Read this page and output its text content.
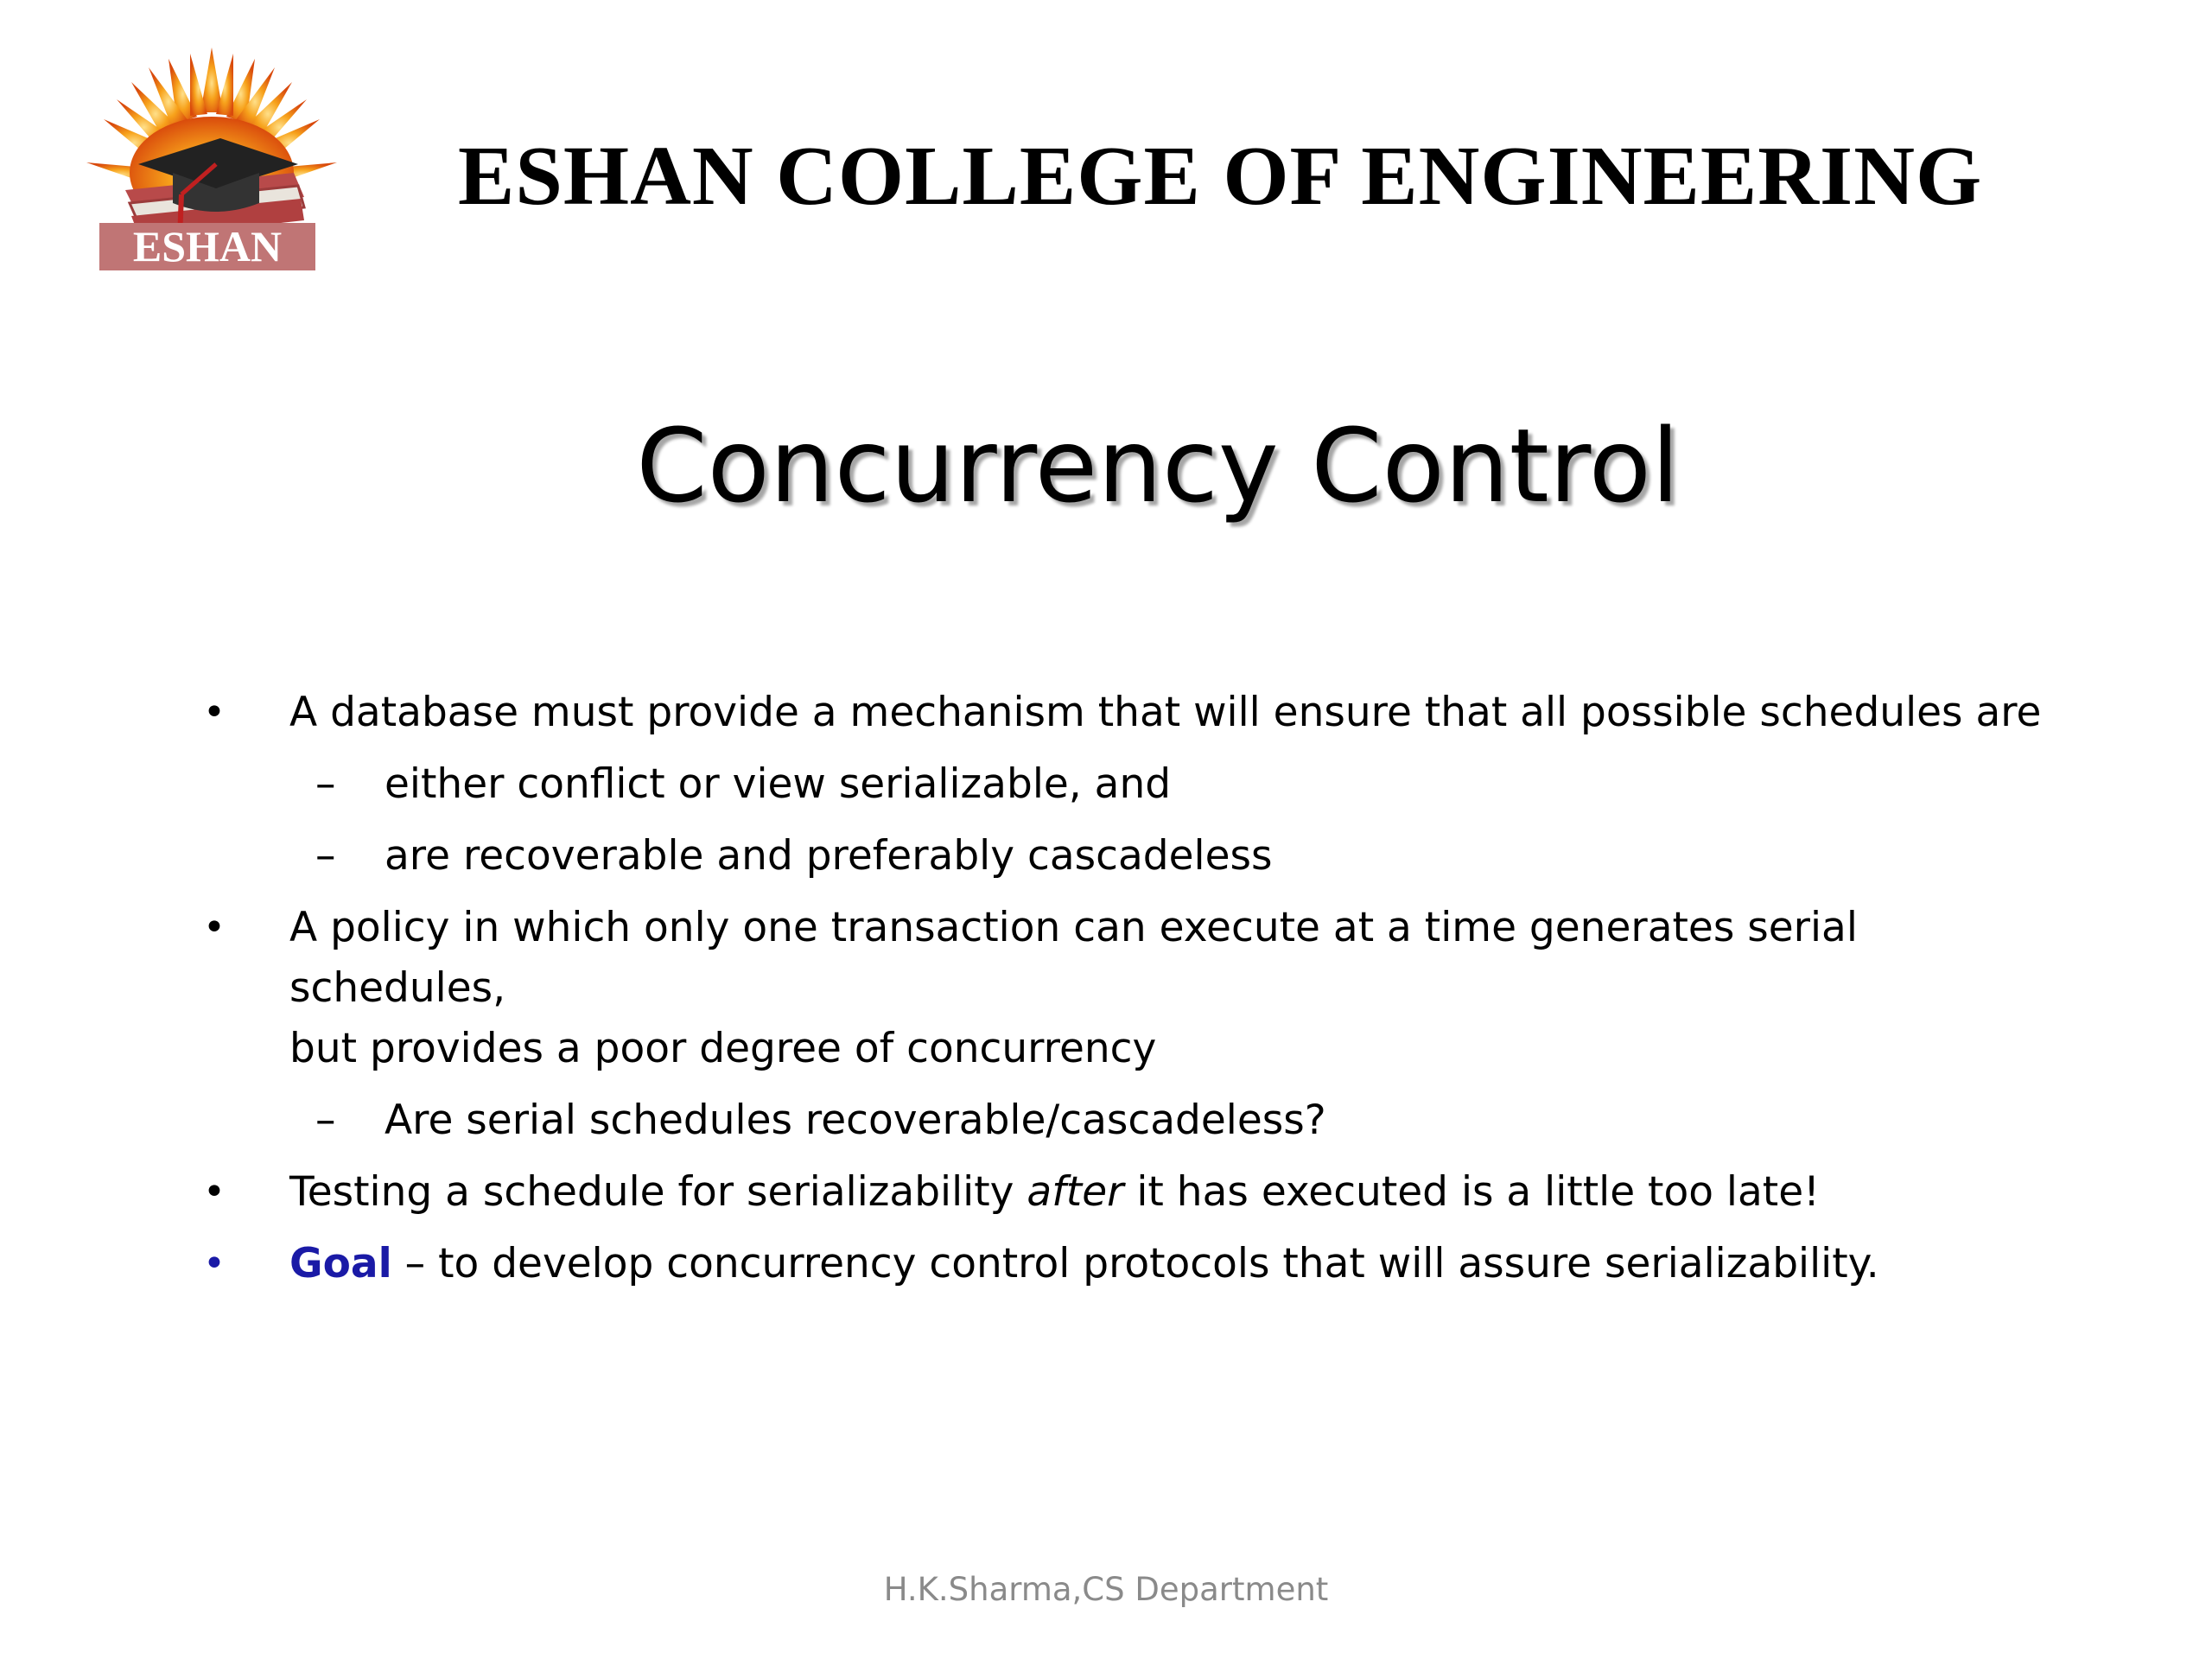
ESHAN
ESHAN COLLEGE OF ENGINEERING
Concurrency Control
• A database must provide a mechanism that will ensure that all possible schedules are
– either conflict or view serializable, and
– are recoverable and preferably cascadeless
• A policy in which only one transaction can execute at a time generates serial schedules,
but provides a poor degree of concurrency
– Are serial schedules recoverable/cascadeless?
• Testing a schedule for serializability after it has executed is a little too late!
• Goal – to develop concurrency control protocols that will assure serializability.
H.K.Sharma,CS Department
